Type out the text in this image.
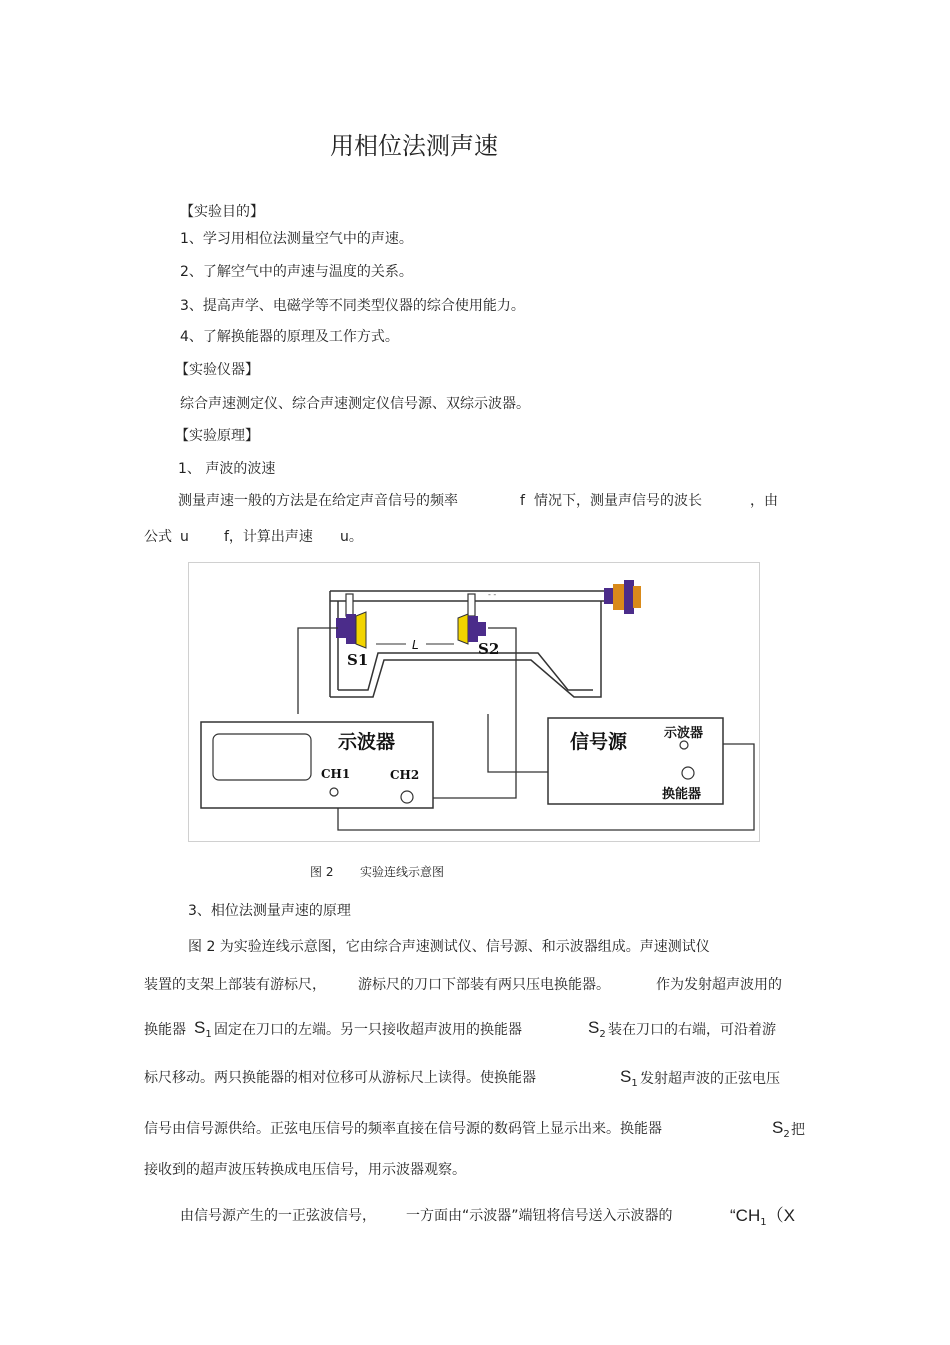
用相位法测声速
【实验目的】
1、学习用相位法测量空气中的声速。
2、了解空气中的声速与温度的关系。
3、提高声学、电磁学等不同类型仪器的综合使用能力。
4、了解换能器的原理及工作方式。
【实验仪器】
综合声速测定仪、综合声速测定仪信号源、双综示波器。
【实验原理】
1、 声波的波速
测量声速一般的方法是在给定声音信号的频率	f 情况下，测量声信号的波长	，由
公式 u	f，计算出声速 u。
- -
S1
S2
L
示波器
CH1	CH2
信号源	示波器
换能器
图 2 实验连线示意图
3、相位法测量声速的原理
图 2 为实验连线示意图，它由综合声速测试仪、信号源、和示波器组成。声速测试仪
装置的支架上部装有游标尺， 游标尺的刀口下部装有两只压电换能器。	作为发射超声波用的
换能器 $S_1$ 固定在刀口的左端。另一只接收超声波用的换能器	$S_2$ 装在刀口的右端，可沿着游
标尺移动。两只换能器的相对位移可从游标尺上读得。使换能器	$S_1$ 发射超声波的正弦电压
信号由信号源供给。正弦电压信号的频率直接在信号源的数码管上显示出来。换能器	$S_2$ 把
接收到的超声波压转换成电压信号，用示波器观察。
由信号源产生的一正弦波信号， 一方面由“示波器”端钮将信号送入示波器的	“$CH_1(X$
